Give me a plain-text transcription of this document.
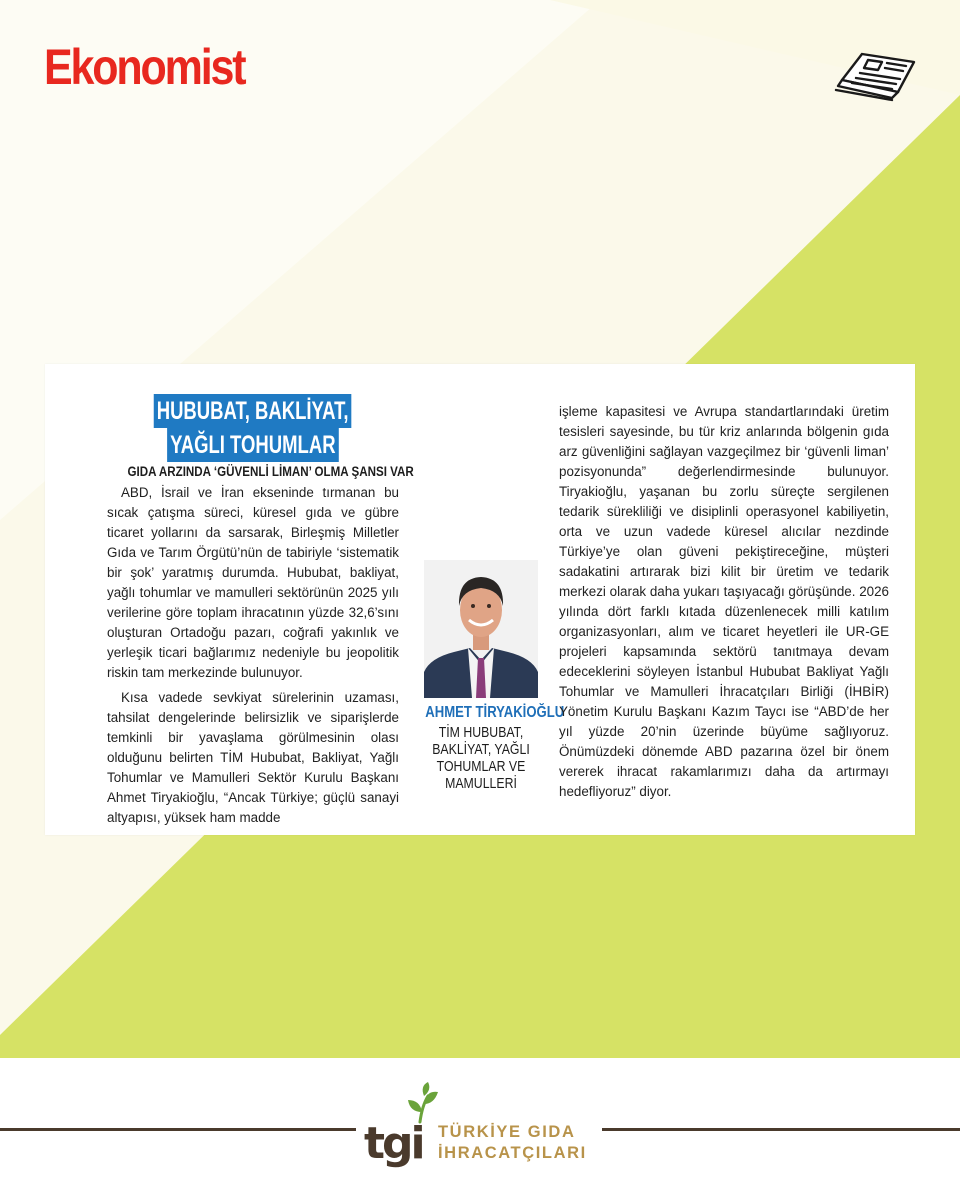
Ekonomist
HUBUBAT, BAKLİYAT,
YAĞLI TOHUMLAR
GIDA ARZINDA ‘GÜVENLİ LİMAN’ OLMA ŞANSI VAR

ABD, İsrail ve İran ekseninde tırmanan bu sıcak çatışma süreci, küresel gıda ve gübre ticaret yollarını da sarsarak, Birleşmiş Milletler Gıda ve Tarım Örgütü’nün de tabiriyle ‘sistematik bir şok’ yaratmış durumda. Hububat, bakliyat, yağlı tohumlar ve mamulleri sektörünün 2025 yılı verilerine göre toplam ihracatının yüzde 32,6’sını oluşturan Ortadoğu pazarı, coğrafi yakınlık ve yerleşik ticari bağlarımız nedeniyle bu jeopolitik riskin tam merkezinde bulunuyor.

Kısa vadede sevkiyat sürelerinin uzaması, tahsilat dengelerinde belirsizlik ve siparişlerde temkinli bir yavaşlama görülmesinin olası olduğunu belirten TİM Hububat, Bakliyat, Yağlı Tohumlar ve Mamulleri Sektör Kurulu Başkanı Ahmet Tiryakioğlu, “Ancak Türkiye; güçlü sanayi altyapısı, yüksek ham madde

AHMET TİRYAKİOĞLU
TİM HUBUBAT,
BAKLİYAT, YAĞLI
TOHUMLAR VE
MAMULLERİ
işleme kapasitesi ve Avrupa standartlarındaki üretim tesisleri sayesinde, bu tür kriz anlarında bölgenin gıda arz güvenliğini sağlayan vazgeçilmez bir ‘güvenli liman’ pozisyonunda” değerlendirmesinde bulunuyor. Tiryakioğlu, yaşanan bu zorlu süreçte sergilenen tedarik sürekliliği ve disiplinli operasyonel kabiliyetin, orta ve uzun vadede küresel alıcılar nezdinde Türkiye’ye olan güveni pekiştireceğine, müşteri sadakatini artırarak bizi kilit bir üretim ve tedarik merkezi olarak daha yukarı taşıyacağı görüşünde. 2026 yılında dört farklı kıtada düzenlenecek milli katılım organizasyonları, alım ve ticaret heyetleri ile UR-GE projeleri kapsamında sektörü tanıtmaya devam edeceklerini söyleyen İstanbul Hububat Bakliyat Yağlı Tohumlar ve Mamulleri İhracatçıları Birliği (İHBİR) Yönetim Kurulu Başkanı Kazım Taycı ise “ABD’de her yıl yüzde 20’nin üzerinde büyüme sağlıyoruz. Önümüzdeki dönemde ABD pazarına özel bir önem vererek ihracat rakamlarımızı daha da artırmayı hedefliyoruz” diyor.
tgi TÜRKİYE GIDA
İHRACATÇILARI
